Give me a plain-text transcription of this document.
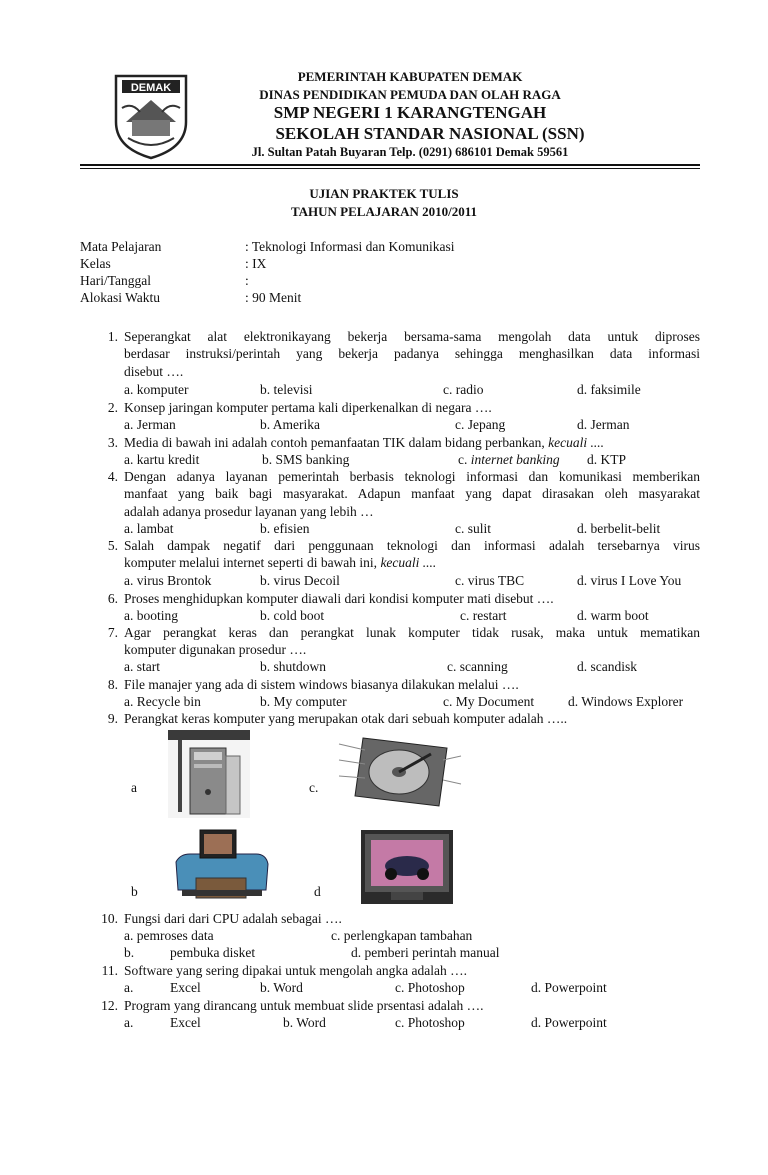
DEMAK
PEMERINTAH KABUPATEN DEMAK
DINAS PENDIDIKAN PEMUDA DAN OLAH RAGA
SMP NEGERI 1 KARANGTENGAH
SEKOLAH STANDAR NASIONAL (SSN)
Jl. Sultan Patah Buyaran Telp. (0291) 686101 Demak 59561
UJIAN PRAKTEK TULIS
TAHUN PELAJARAN 2010/2011
Mata Pelajaran	: Teknologi Informasi dan Komunikasi
Kelas	: IX
Hari/Tanggal	:
Alokasi Waktu	: 90 Menit
1. Seperangkat alat elektronikayang bekerja bersama-sama mengolah data untuk diproses
berdasar instruksi/perintah yang bekerja padanya sehingga menghasilkan data informasi
disebut ….
a. komputer	b. televisi	c. radio	d. faksimile
2. Konsep jaringan komputer pertama kali diperkenalkan di negara ….
a. Jerman	b. Amerika	c. Jepang	d. Jerman
3. Media di bawah ini adalah contoh pemanfaatan TIK dalam bidang perbankan, kecuali ....
a. kartu kredit	b. SMS banking	c. internet banking d. KTP
4. Dengan adanya layanan pemerintah berbasis teknologi informasi dan komunikasi memberikan
manfaat yang baik bagi masyarakat. Adapun manfaat yang dapat dirasakan oleh masyarakat
adalah adanya prosedur layanan yang lebih …
a. lambat	b. efisien	c. sulit	d. berbelit-belit
5. Salah dampak negatif dari penggunaan teknologi dan informasi adalah tersebarnya virus
komputer melalui internet seperti di bawah ini, kecuali ....
a. virus Brontok	b. virus Decoil	c. virus TBC	d. virus I Love You
6. Proses menghidupkan komputer diawali dari kondisi komputer mati disebut ….
a. booting	b. cold boot	c. restart	d. warm boot
7. Agar perangkat keras dan perangkat lunak komputer tidak rusak, maka untuk mematikan
komputer digunakan prosedur ….
a. start	b. shutdown	c. scanning	d. scandisk
8. File manajer yang ada di sistem windows biasanya dilakukan melalui ….
a. Recycle bin	b. My computer	c. My Document	d. Windows Explorer
9. Perangkat keras komputer yang merupakan otak dari sebuah komputer adalah …..
a	c.
b	d
10. Fungsi dari dari CPU adalah sebagai ….
a. pemroses data	c. perlengkapan tambahan
b.	pembuka disket	d. pemberi perintah manual
11. Software yang sering dipakai untuk mengolah angka adalah ….
a.	Excel	b. Word	c. Photoshop	d. Powerpoint
12. Program yang dirancang untuk membuat slide prsentasi adalah ….
a.	Excel	b. Word	c. Photoshop	d. Powerpoint
